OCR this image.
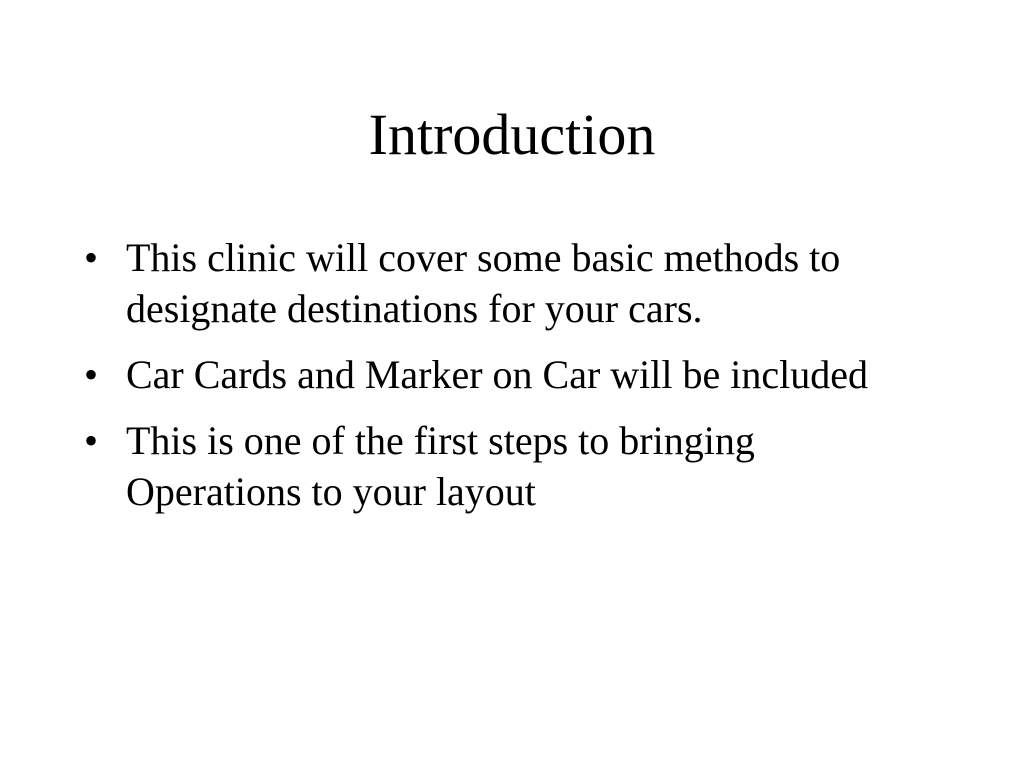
Introduction
• This clinic will cover some basic methods to designate destinations for your cars.
• Car Cards and Marker on Car will be included
• This is one of the first steps to bringing Operations to your layout
